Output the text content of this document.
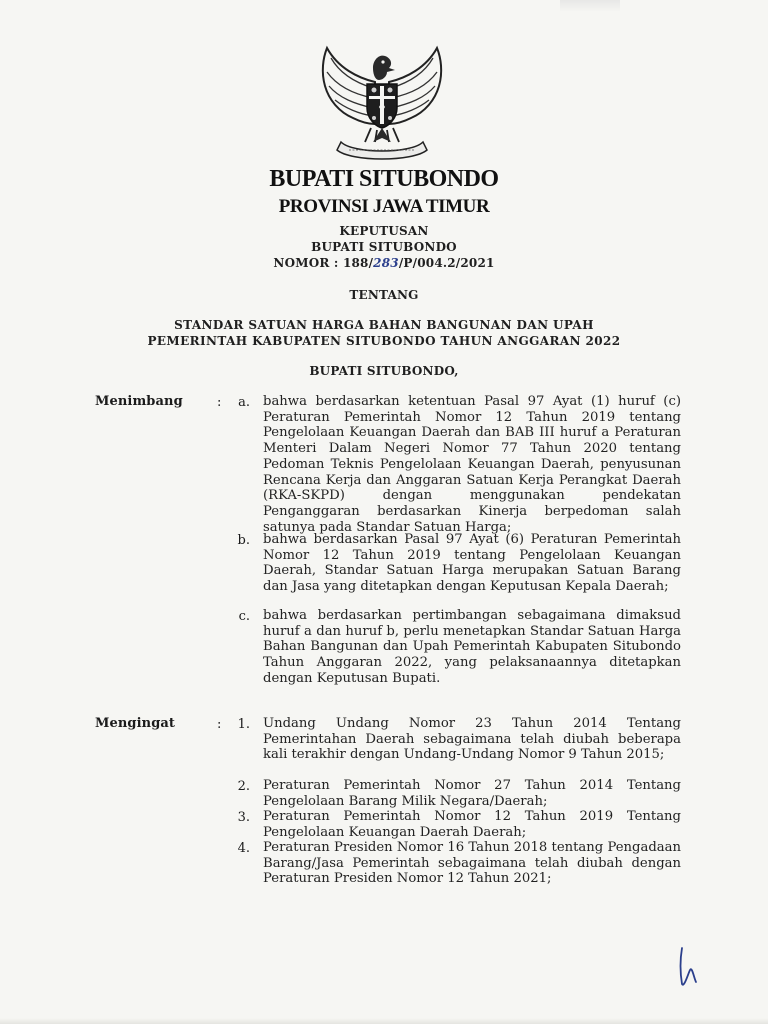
BUPATI SITUBONDO
PROVINSI JAWA TIMUR
KEPUTUSAN
BUPATI SITUBONDO
NOMOR : 188/283/P/004.2/2021
TENTANG
STANDAR SATUAN HARGA BAHAN BANGUNAN DAN UPAH
PEMERINTAH KABUPATEN SITUBONDO TAHUN ANGGARAN 2022
BUPATI SITUBONDO,
Menimbang	:	a. bahwa berdasarkan ketentuan Pasal 97 Ayat (1) huruf (c) Peraturan Pemerintah Nomor 12 Tahun 2019 tentang Pengelolaan Keuangan Daerah dan BAB III huruf a Peraturan Menteri Dalam Negeri Nomor 77 Tahun 2020 tentang Pedoman Teknis Pengelolaan Keuangan Daerah, penyusunan Rencana Kerja dan Anggaran Satuan Kerja Perangkat Daerah (RKA-SKPD) dengan menggunakan pendekatan Penganggaran berdasarkan Kinerja berpedoman salah satunya pada Standar Satuan Harga;
b. bahwa berdasarkan Pasal 97 Ayat (6) Peraturan Pemerintah Nomor 12 Tahun 2019 tentang Pengelolaan Keuangan Daerah, Standar Satuan Harga merupakan Satuan Barang dan Jasa yang ditetapkan dengan Keputusan Kepala Daerah;
c. bahwa berdasarkan pertimbangan sebagaimana dimaksud huruf a dan huruf b, perlu menetapkan Standar Satuan Harga Bahan Bangunan dan Upah Pemerintah Kabupaten Situbondo Tahun Anggaran 2022, yang pelaksanaannya ditetapkan dengan Keputusan Bupati.
Mengingat	:	1. Undang Undang Nomor 23 Tahun 2014 Tentang Pemerintahan Daerah sebagaimana telah diubah beberapa kali terakhir dengan Undang-Undang Nomor 9 Tahun 2015;
2. Peraturan Pemerintah Nomor 27 Tahun 2014 Tentang Pengelolaan Barang Milik Negara/Daerah;
3. Peraturan Pemerintah Nomor 12 Tahun 2019 Tentang Pengelolaan Keuangan Daerah Daerah;
4. Peraturan Presiden Nomor 16 Tahun 2018 tentang Pengadaan Barang/Jasa Pemerintah sebagaimana telah diubah dengan Peraturan Presiden Nomor 12 Tahun 2021;
